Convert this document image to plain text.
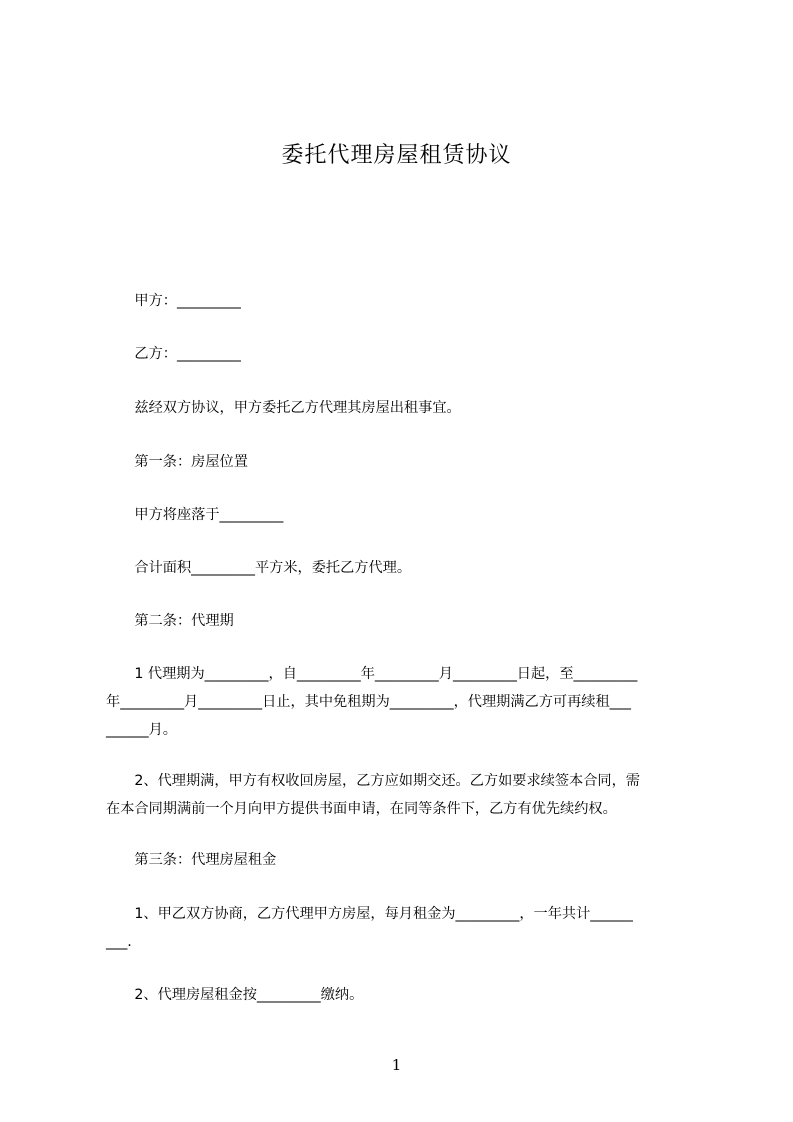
委托代理房屋租赁协议
　　甲方：_________
　　乙方：_________
　　兹经双方协议，甲方委托乙方代理其房屋出租事宜。
　　第一条：房屋位置
　　甲方将座落于_________
　　合计面积_________平方米，委托乙方代理。
　　第二条：代理期
　　1 代理期为_________，自_________年_________月_________日起，至_________
年_________月_________日止，其中免租期为_________，代理期满乙方可再续租___
______月。
　　2、代理期满，甲方有权收回房屋，乙方应如期交还。乙方如要求续签本合同，需
在本合同期满前一个月向甲方提供书面申请，在同等条件下，乙方有优先续约权。
　　第三条：代理房屋租金
　　1、甲乙双方协商，乙方代理甲方房屋，每月租金为_________，一年共计______
___.
　　2、代理房屋租金按_________缴纳。
1
